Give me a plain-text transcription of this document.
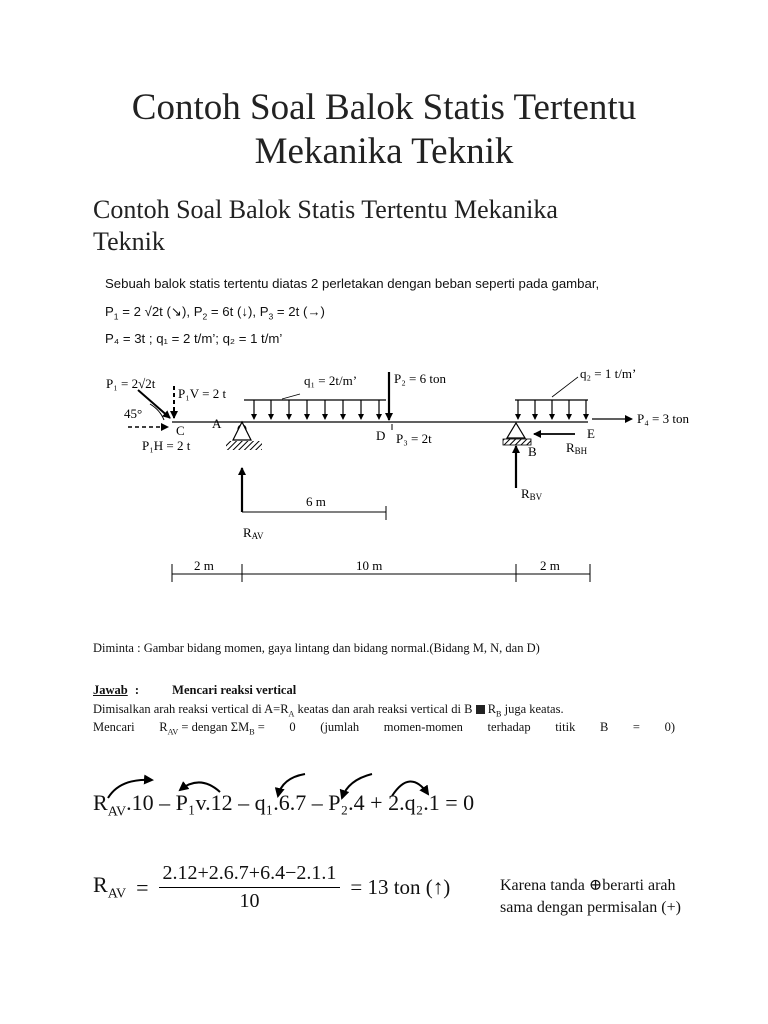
Contoh Soal Balok Statis Tertentu
Mekanika Teknik
Contoh Soal Balok Statis Tertentu Mekanika
Teknik
Sebuah balok statis tertentu diatas 2 perletakan dengan beban seperti pada gambar,
$P_1 = 2$ √2t (↘), $P_2 = 6t$ (↓), $P_3 = 2t$ (→)
P₄ = 3t ; q₁ = 2 t/m’; q₂ = 1 t/m’
P₁ = 2√2t
P₁V = 2 t
45°
C
P₁H = 2 t
A
q₁ = 2t/m’	P₂ = 6 ton
D P₃ = 2t
q₂ = 1 t/m’
P₄ = 3 ton
E
B RBH
RBV
RAV
6 m
2 m	10 m	2 m
Diminta : Gambar bidang momen, gaya lintang dan bidang normal.(Bidang M, N, dan D)
Jawab :	Mencari reaksi vertical
Dimisalkan arah reaksi vertical di $A=R_A$ keatas dan arah reaksi vertical di B $R_B$ juga keatas.
Mencari $R_{AV}$ = dengan $\Sigma M_B = 0$ (jumlah momen-momen terhadap titik B = 0)
$R_{AV}.10 - P_1v.12 - q_1.6.7 - P_2.4 + 2.q_2.1 = 0$
$R_{AV}$ =
2.12+2.6.7+6.4−2.1.1
10
= 13 ton (↑)	Karena tanda ⊕berarti arah
sama dengan permisalan (+)
